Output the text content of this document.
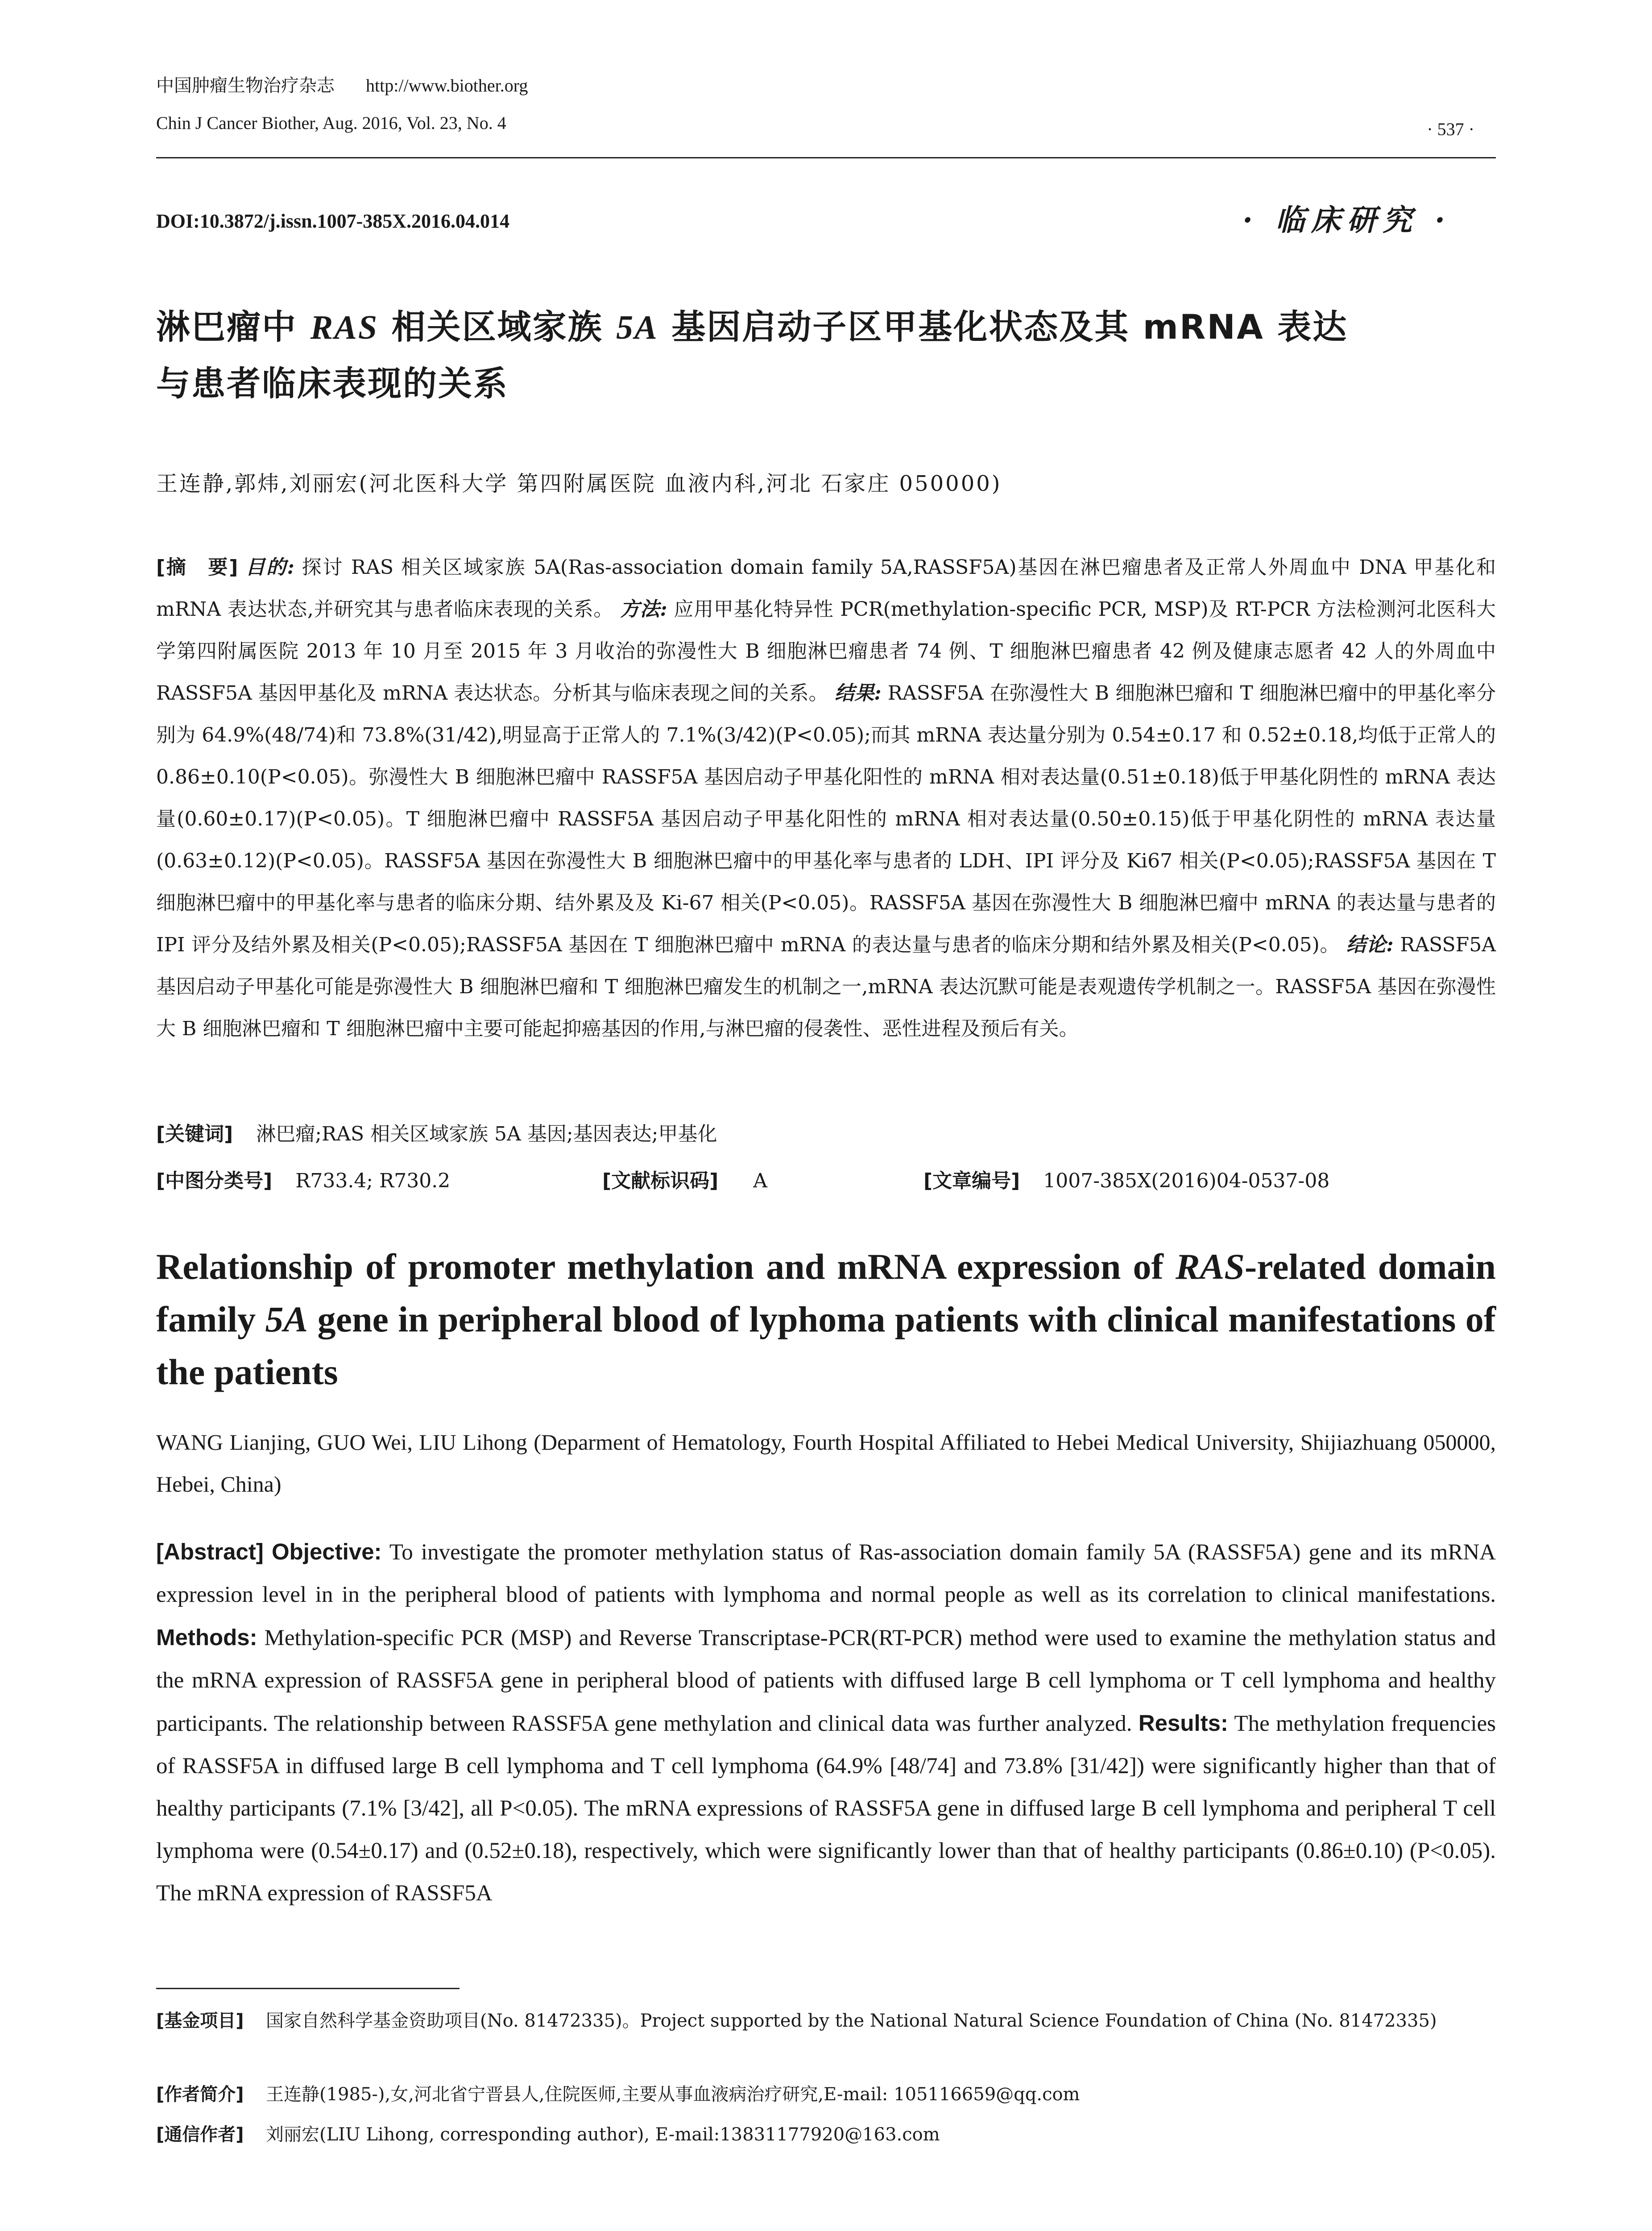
中国肿瘤生物治疗杂志 http://www.biother.org
Chin J Cancer Biother, Aug. 2016, Vol. 23, No. 4	· 537 ·
DOI:10.3872/j.issn.1007-385X.2016.04.014	· 临床研究 ·
淋巴瘤中 RAS 相关区域家族 5A 基因启动子区甲基化状态及其 mRNA 表达
与患者临床表现的关系
王连静,郭炜,刘丽宏(河北医科大学 第四附属医院 血液内科,河北 石家庄 050000)
[摘　要] 目的: 探讨 RAS 相关区域家族 5A(Ras-association domain family 5A,RASSF5A)基因在淋巴瘤患者及正常人外周血中 DNA 甲基化和 mRNA 表达状态,并研究其与患者临床表现的关系。 方法: 应用甲基化特异性 PCR(methylation-specific PCR, MSP)及 RT-PCR 方法检测河北医科大学第四附属医院 2013 年 10 月至 2015 年 3 月收治的弥漫性大 B 细胞淋巴瘤患者 74 例、T 细胞淋巴瘤患者 42 例及健康志愿者 42 人的外周血中 RASSF5A 基因甲基化及 mRNA 表达状态。分析其与临床表现之间的关系。 结果: RASSF5A 在弥漫性大 B 细胞淋巴瘤和 T 细胞淋巴瘤中的甲基化率分别为 64.9%(48/74)和 73.8%(31/42),明显高于正常人的 7.1%(3/42)(P<0.05);而其 mRNA 表达量分别为 0.54±0.17 和 0.52±0.18,均低于正常人的 0.86±0.10(P<0.05)。弥漫性大 B 细胞淋巴瘤中 RASSF5A 基因启动子甲基化阳性的 mRNA 相对表达量(0.51±0.18)低于甲基化阴性的 mRNA 表达量(0.60±0.17)(P<0.05)。T 细胞淋巴瘤中 RASSF5A 基因启动子甲基化阳性的 mRNA 相对表达量(0.50±0.15)低于甲基化阴性的 mRNA 表达量(0.63±0.12)(P<0.05)。RASSF5A 基因在弥漫性大 B 细胞淋巴瘤中的甲基化率与患者的 LDH、IPI 评分及 Ki67 相关(P<0.05);RASSF5A 基因在 T 细胞淋巴瘤中的甲基化率与患者的临床分期、结外累及及 Ki-67 相关(P<0.05)。RASSF5A 基因在弥漫性大 B 细胞淋巴瘤中 mRNA 的表达量与患者的 IPI 评分及结外累及相关(P<0.05);RASSF5A 基因在 T 细胞淋巴瘤中 mRNA 的表达量与患者的临床分期和结外累及相关(P<0.05)。 结论: RASSF5A 基因启动子甲基化可能是弥漫性大 B 细胞淋巴瘤和 T 细胞淋巴瘤发生的机制之一,mRNA 表达沉默可能是表观遗传学机制之一。RASSF5A 基因在弥漫性大 B 细胞淋巴瘤和 T 细胞淋巴瘤中主要可能起抑癌基因的作用,与淋巴瘤的侵袭性、恶性进程及预后有关。
[关键词] 淋巴瘤;RAS 相关区域家族 5A 基因;基因表达;甲基化
[中图分类号] R733.4; R730.2	[文献标识码] A	[文章编号] 1007-385X(2016)04-0537-08
Relationship of promoter methylation and mRNA expression of RAS-related domain family 5A gene in peripheral blood of lyphoma patients with clinical manifestations of the patients
WANG Lianjing, GUO Wei, LIU Lihong (Deparment of Hematology, Fourth Hospital Affiliated to Hebei Medical University, Shijiazhuang 050000, Hebei, China)
[Abstract] Objective: To investigate the promoter methylation status of Ras-association domain family 5A (RASSF5A) gene and its mRNA expression level in in the peripheral blood of patients with lymphoma and normal people as well as its correlation to clinical manifestations. Methods: Methylation-specific PCR (MSP) and Reverse Transcriptase-PCR(RT-PCR) method were used to examine the methylation status and the mRNA expression of RASSF5A gene in peripheral blood of patients with diffused large B cell lymphoma or T cell lymphoma and healthy participants. The relationship between RASSF5A gene methylation and clinical data was further analyzed. Results: The methylation frequencies of RASSF5A in diffused large B cell lymphoma and T cell lymphoma (64.9% [48/74] and 73.8% [31/42]) were significantly higher than that of healthy participants (7.1% [3/42], all P<0.05). The mRNA expressions of RASSF5A gene in diffused large B cell lymphoma and peripheral T cell lymphoma were (0.54±0.17) and (0.52±0.18), respectively, which were significantly lower than that of healthy participants (0.86±0.10) (P<0.05). The mRNA expression of RASSF5A
[基金项目] 国家自然科学基金资助项目(No. 81472335)。Project supported by the National Natural Science Foundation of China (No. 81472335)
[作者简介] 王连静(1985-),女,河北省宁晋县人,住院医师,主要从事血液病治疗研究,E-mail: 105116659@qq.com
[通信作者] 刘丽宏(LIU Lihong, corresponding author), E-mail:13831177920@163.com
